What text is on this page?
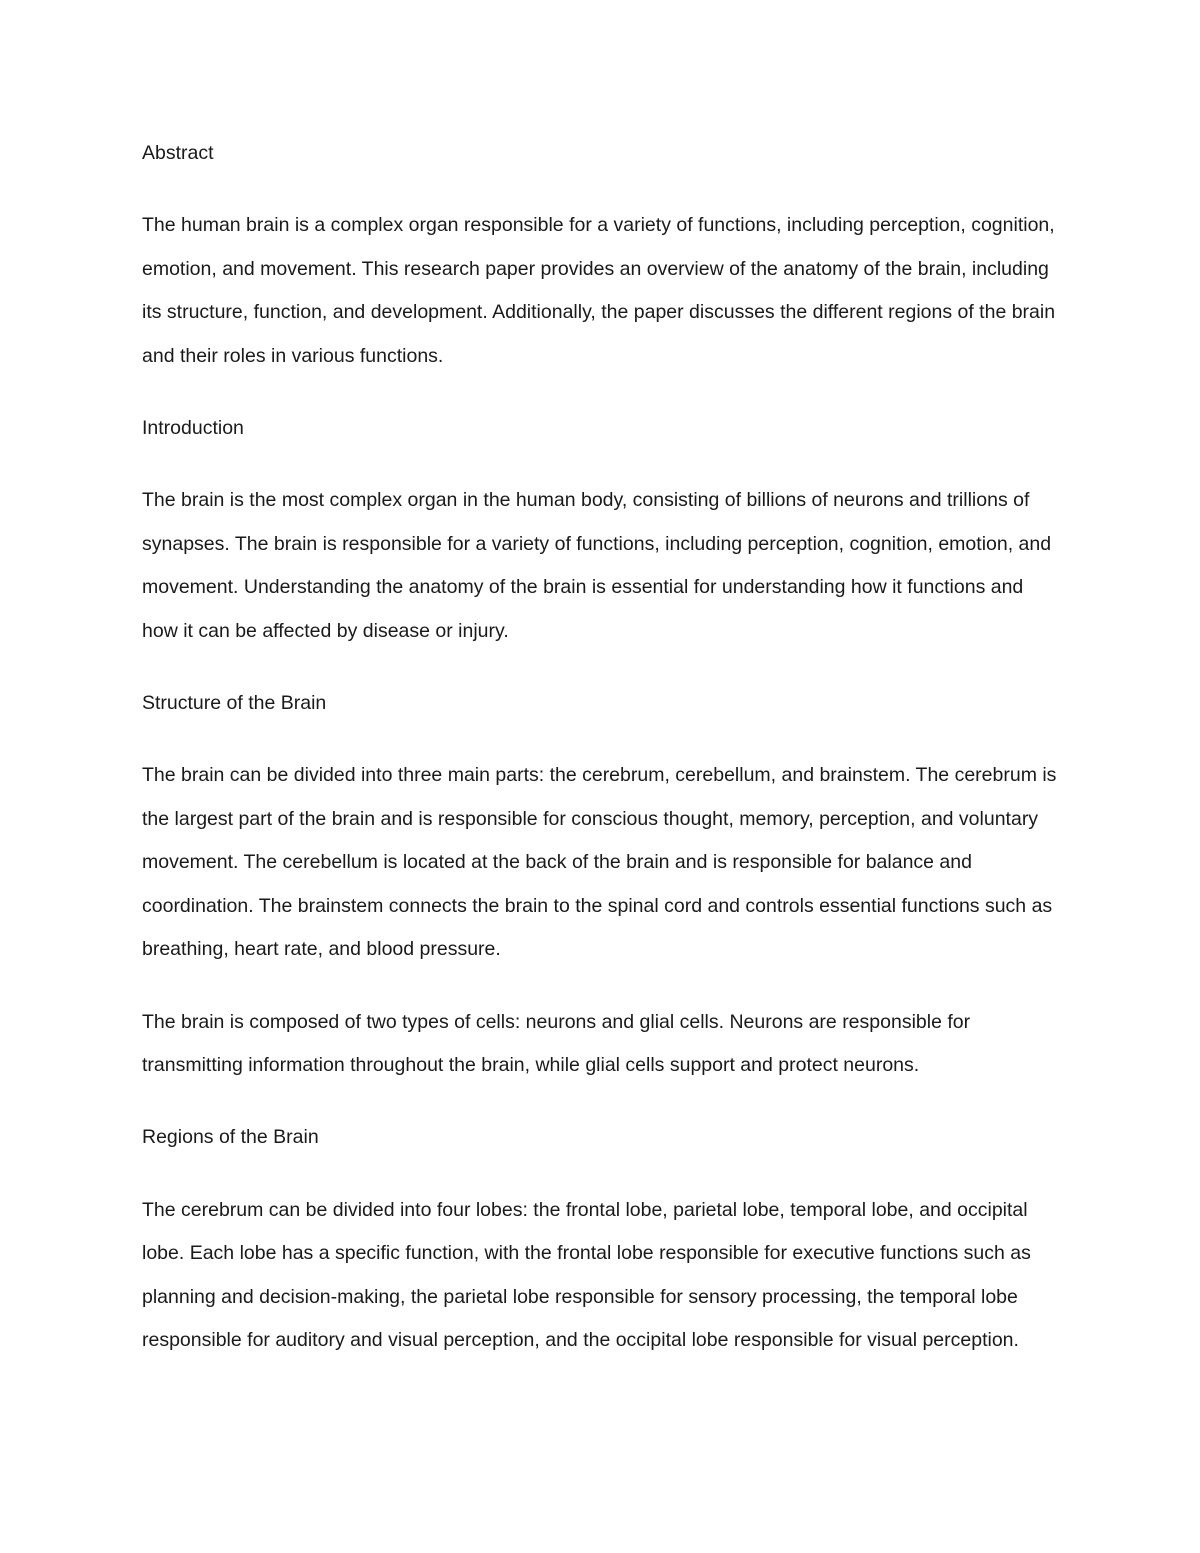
Abstract

The human brain is a complex organ responsible for a variety of functions, including perception, cognition, emotion, and movement. This research paper provides an overview of the anatomy of the brain, including its structure, function, and development. Additionally, the paper discusses the different regions of the brain and their roles in various functions.

Introduction

The brain is the most complex organ in the human body, consisting of billions of neurons and trillions of synapses. The brain is responsible for a variety of functions, including perception, cognition, emotion, and movement. Understanding the anatomy of the brain is essential for understanding how it functions and how it can be affected by disease or injury.

Structure of the Brain

The brain can be divided into three main parts: the cerebrum, cerebellum, and brainstem. The cerebrum is the largest part of the brain and is responsible for conscious thought, memory, perception, and voluntary movement. The cerebellum is located at the back of the brain and is responsible for balance and coordination. The brainstem connects the brain to the spinal cord and controls essential functions such as breathing, heart rate, and blood pressure.

The brain is composed of two types of cells: neurons and glial cells. Neurons are responsible for transmitting information throughout the brain, while glial cells support and protect neurons.

Regions of the Brain

The cerebrum can be divided into four lobes: the frontal lobe, parietal lobe, temporal lobe, and occipital lobe. Each lobe has a specific function, with the frontal lobe responsible for executive functions such as planning and decision-making, the parietal lobe responsible for sensory processing, the temporal lobe responsible for auditory and visual perception, and the occipital lobe responsible for visual perception.
